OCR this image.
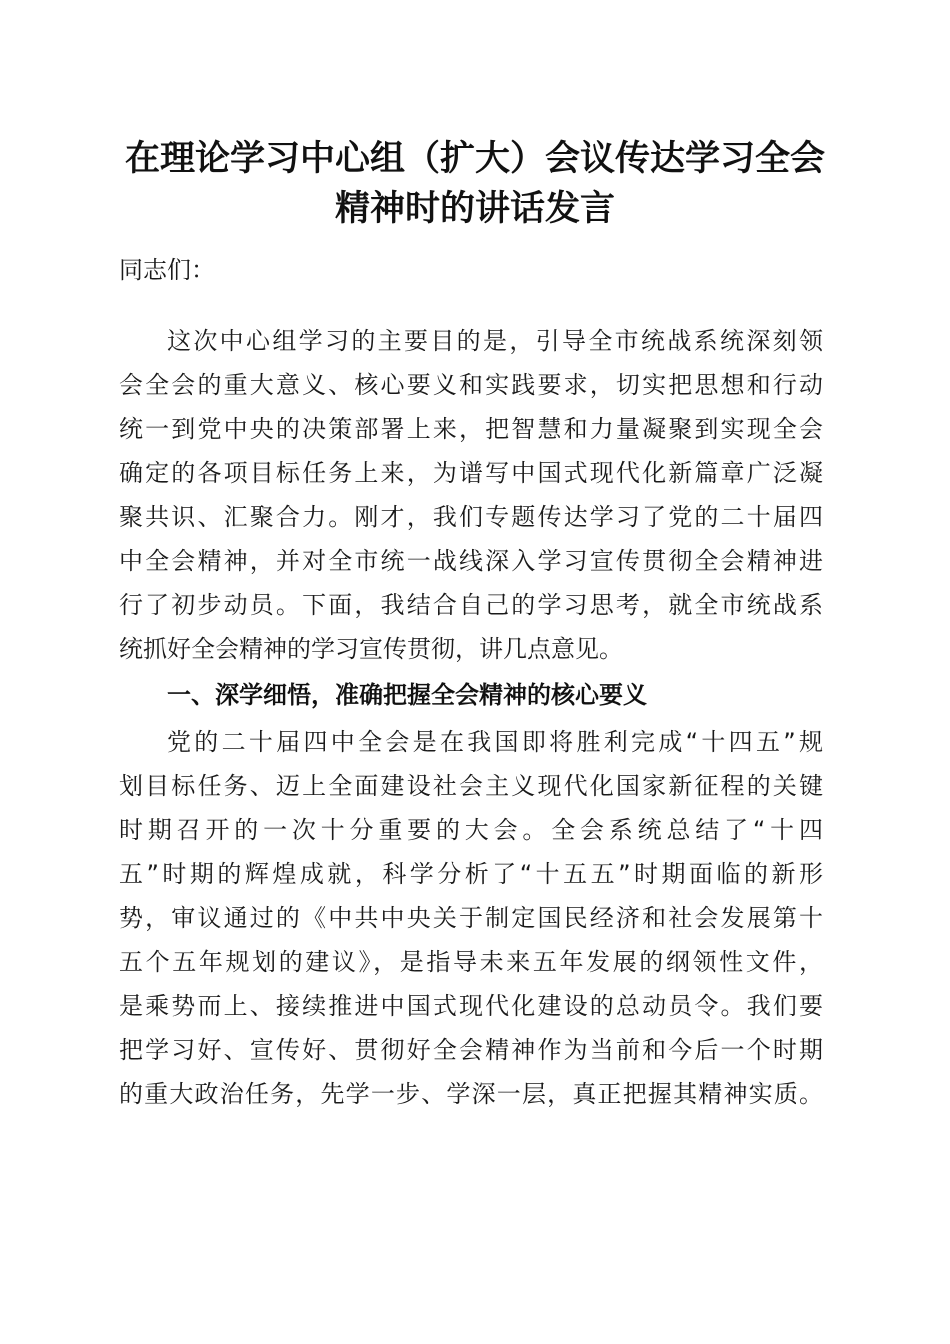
在理论学习中心组（扩大）会议传达学习全会
精神时的讲话发言

同志们：

这次中心组学习的主要目的是，引导全市统战系统深刻领

会全会的重大意义、核心要义和实践要求，切实把思想和行动

统一到党中央的决策部署上来，把智慧和力量凝聚到实现全会

确定的各项目标任务上来，为谱写中国式现代化新篇章广泛凝

聚共识、汇聚合力。刚才，我们专题传达学习了党的二十届四

中全会精神，并对全市统一战线深入学习宣传贯彻全会精神进

行了初步动员。下面，我结合自己的学习思考，就全市统战系

统抓好全会精神的学习宣传贯彻，讲几点意见。

一、深学细悟，准确把握全会精神的核心要义

党的二十届四中全会是在我国即将胜利完成“十四五”规

划目标任务、迈上全面建设社会主义现代化国家新征程的关键

时期召开的一次十分重要的大会。全会系统总结了“十四

五”时期的辉煌成就，科学分析了“十五五”时期面临的新形

势，审议通过的《中共中央关于制定国民经济和社会发展第十

五个五年规划的建议》，是指导未来五年发展的纲领性文件，

是乘势而上、接续推进中国式现代化建设的总动员令。我们要

把学习好、宣传好、贯彻好全会精神作为当前和今后一个时期

的重大政治任务，先学一步、学深一层，真正把握其精神实质。
